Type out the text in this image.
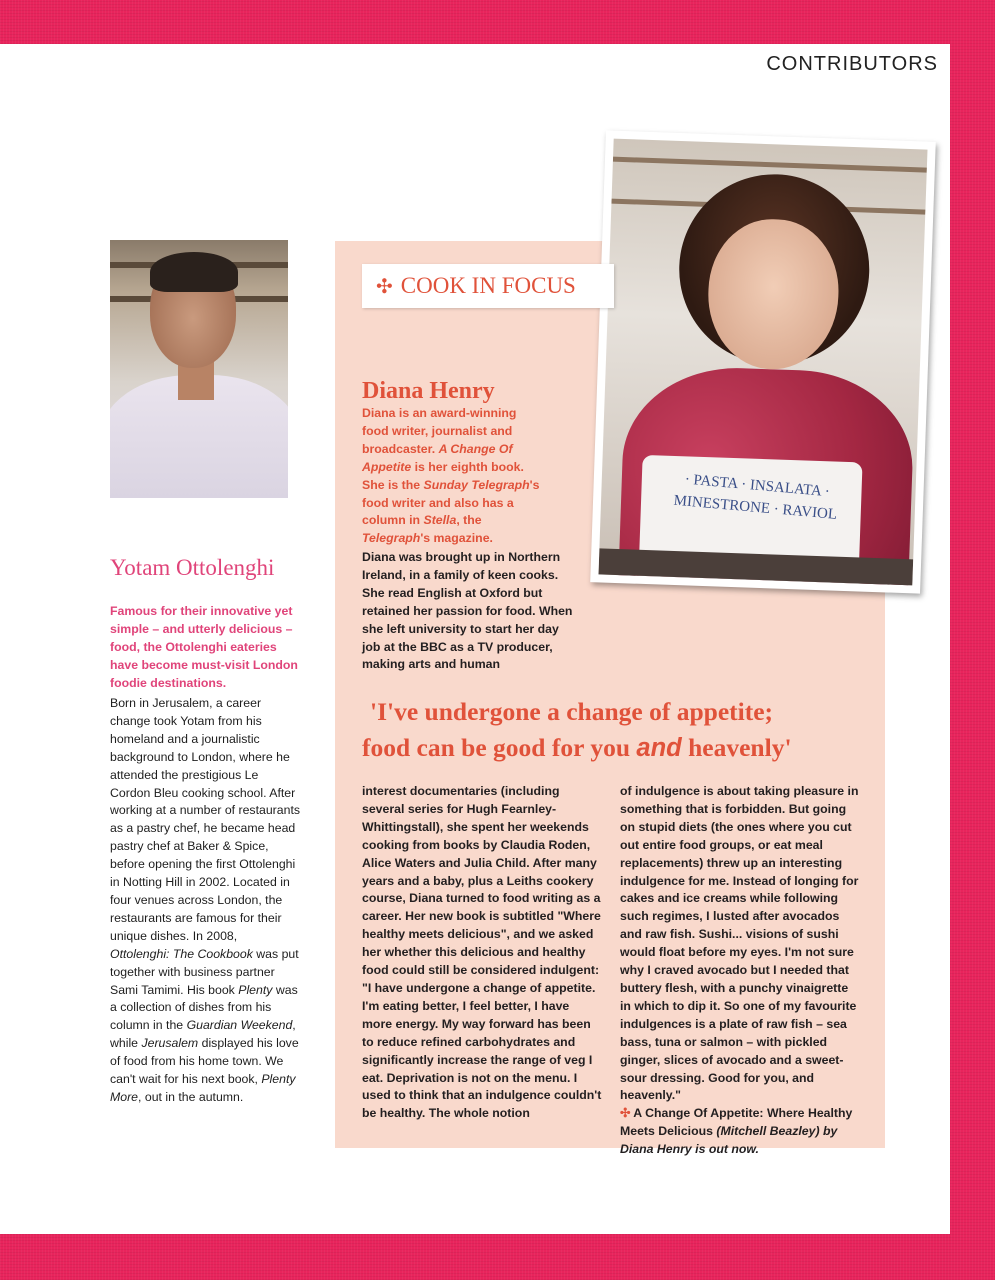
CONTRIBUTORS
· PASTA · INSALATA ·
MINESTRONE · RAVIOL
✣ COOK IN FOCUS
Yotam Ottolenghi
Famous for their innovative yet simple – and utterly delicious – food, the Ottolenghi eateries have become must-visit London foodie destinations.
Born in Jerusalem, a career change took Yotam from his homeland and a journalistic background to London, where he attended the prestigious Le Cordon Bleu cooking school. After working at a number of restaurants as a pastry chef, he became head pastry chef at Baker & Spice, before opening the first Ottolenghi in Notting Hill in 2002. Located in four venues across London, the restaurants are famous for their unique dishes. In 2008, Ottolenghi: The Cookbook was put together with business partner Sami Tamimi. His book Plenty was a collection of dishes from his column in the Guardian Weekend, while Jerusalem displayed his love of food from his home town. We can't wait for his next book, Plenty More, out in the autumn.
Diana Henry
Diana is an award-winning food writer, journalist and broadcaster. A Change Of Appetite is her eighth book. She is the Sunday Telegraph's food writer and also has a column in Stella, the Telegraph's magazine.
Diana was brought up in Northern Ireland, in a family of keen cooks. She read English at Oxford but retained her passion for food. When she left university to start her day job at the BBC as a TV producer, making arts and human
'I've undergone a change of appetite;
food can be good for you and heavenly'
interest documentaries (including several series for Hugh Fearnley-Whittingstall), she spent her weekends cooking from books by Claudia Roden, Alice Waters and Julia Child. After many years and a baby, plus a Leiths cookery course, Diana turned to food writing as a career. Her new book is subtitled "Where healthy meets delicious", and we asked her whether this delicious and healthy food could still be considered indulgent: "I have undergone a change of appetite. I'm eating better, I feel better, I have more energy. My way forward has been to reduce refined carbohydrates and significantly increase the range of veg I eat. Deprivation is not on the menu. I used to think that an indulgence couldn't be healthy. The whole notion
of indulgence is about taking pleasure in something that is forbidden. But going on stupid diets (the ones where you cut out entire food groups, or eat meal replacements) threw up an interesting indulgence for me. Instead of longing for cakes and ice creams while following such regimes, I lusted after avocados and raw fish. Sushi... visions of sushi would float before my eyes. I'm not sure why I craved avocado but I needed that buttery flesh, with a punchy vinaigrette in which to dip it. So one of my favourite indulgences is a plate of raw fish – sea bass, tuna or salmon – with pickled ginger, slices of avocado and a sweet-sour dressing. Good for you, and heavenly."
✣ A Change Of Appetite: Where Healthy Meets Delicious (Mitchell Beazley) by Diana Henry is out now.
